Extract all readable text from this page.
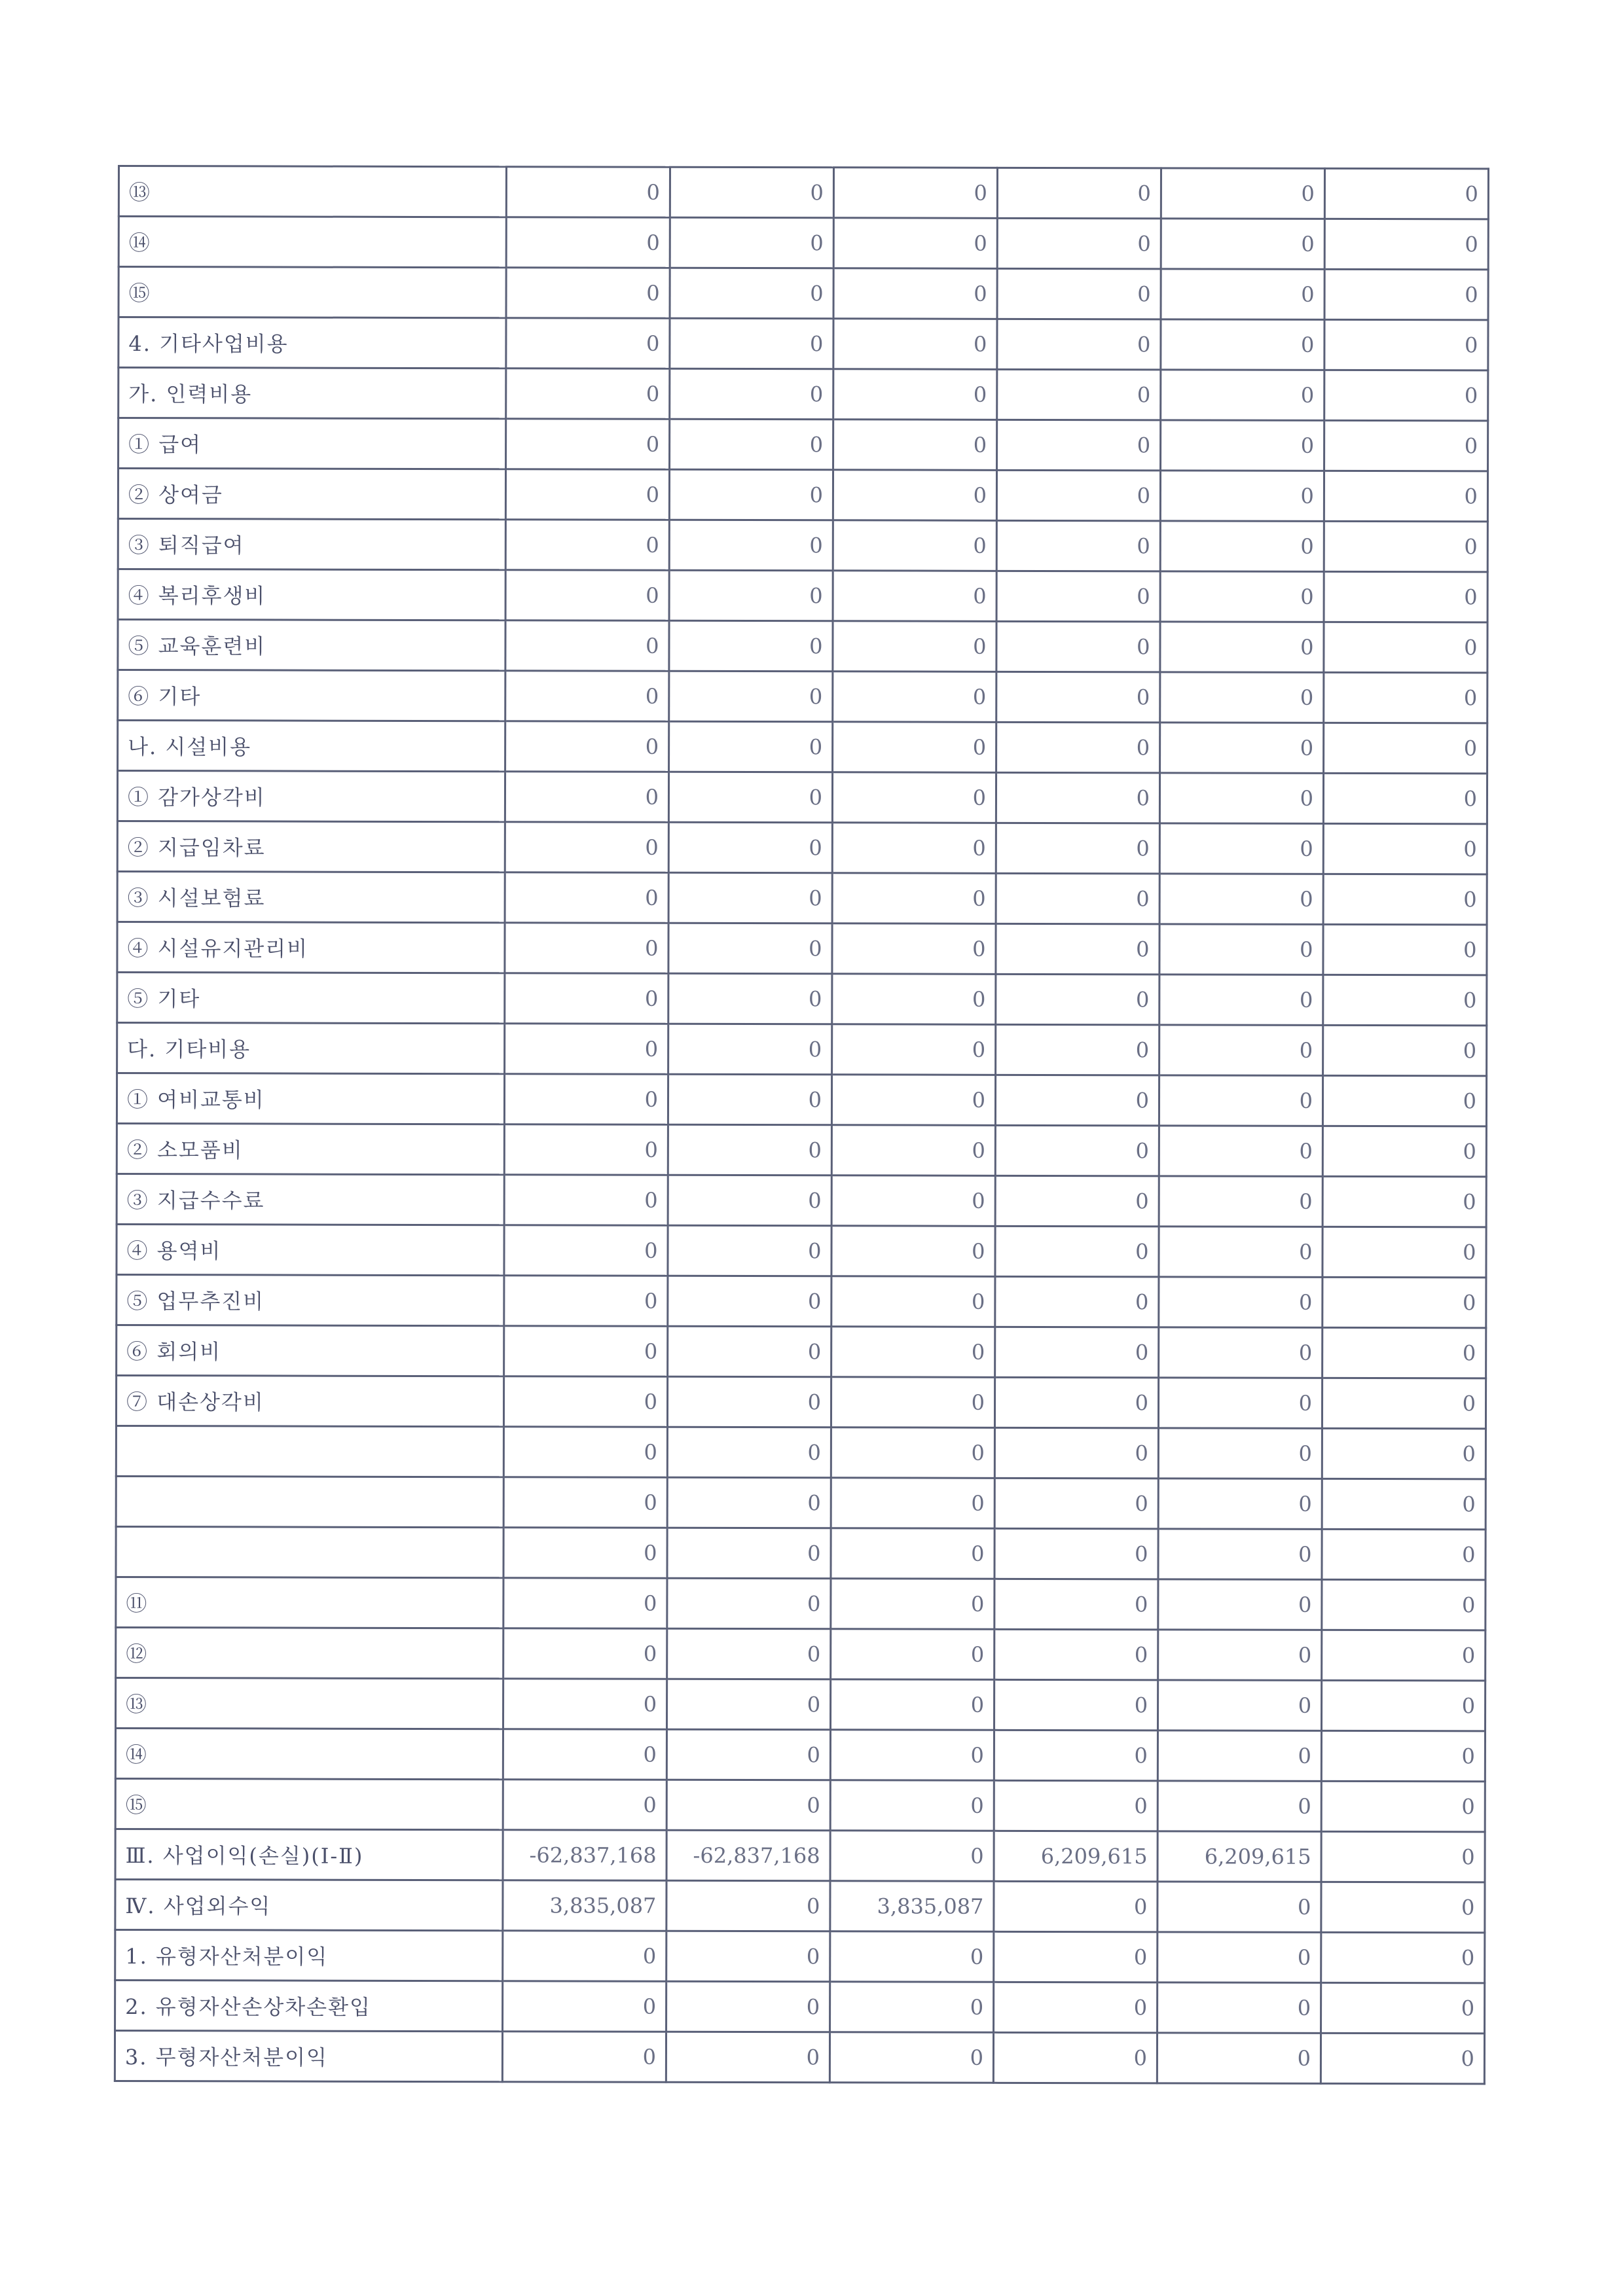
⑬	0	0	0	0	0	0
⑭	0	0	0	0	0	0
⑮	0	0	0	0	0	0
4. 기타사업비용	0	0	0	0	0	0
가. 인력비용	0	0	0	0	0	0
① 급여	0	0	0	0	0	0
② 상여금	0	0	0	0	0	0
③ 퇴직급여	0	0	0	0	0	0
④ 복리후생비	0	0	0	0	0	0
⑤ 교육훈련비	0	0	0	0	0	0
⑥ 기타	0	0	0	0	0	0
나. 시설비용	0	0	0	0	0	0
① 감가상각비	0	0	0	0	0	0
② 지급임차료	0	0	0	0	0	0
③ 시설보험료	0	0	0	0	0	0
④ 시설유지관리비	0	0	0	0	0	0
⑤ 기타	0	0	0	0	0	0
다. 기타비용	0	0	0	0	0	0
① 여비교통비	0	0	0	0	0	0
② 소모품비	0	0	0	0	0	0
③ 지급수수료	0	0	0	0	0	0
④ 용역비	0	0	0	0	0	0
⑤ 업무추진비	0	0	0	0	0	0
⑥ 회의비	0	0	0	0	0	0
⑦ 대손상각비	0	0	0	0	0	0
	0	0	0	0	0	0
	0	0	0	0	0	0
	0	0	0	0	0	0
⑪	0	0	0	0	0	0
⑫	0	0	0	0	0	0
⑬	0	0	0	0	0	0
⑭	0	0	0	0	0	0
⑮	0	0	0	0	0	0
Ⅲ. 사업이익(손실)(Ⅰ-Ⅱ)	-62,837,168	-62,837,168	0	6,209,615	6,209,615	0
Ⅳ. 사업외수익	3,835,087	0	3,835,087	0	0	0
1. 유형자산처분이익	0	0	0	0	0	0
2. 유형자산손상차손환입	0	0	0	0	0	0
3. 무형자산처분이익	0	0	0	0	0	0
